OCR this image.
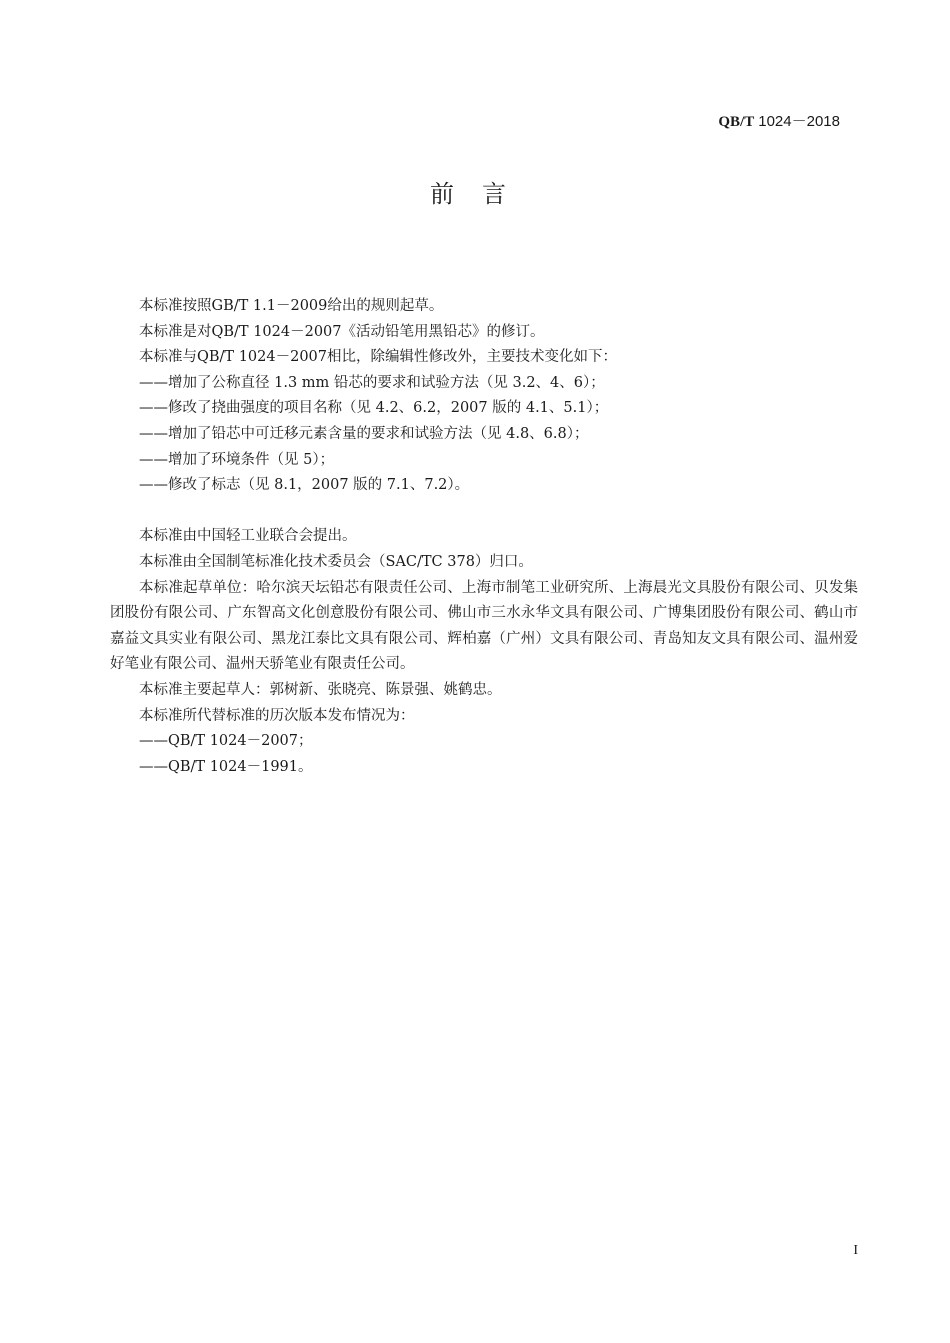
QB/T 1024－2018
前言

本标准按照GB/T 1.1－2009给出的规则起草。

本标准是对QB/T 1024－2007《活动铅笔用黑铅芯》的修订。

本标准与QB/T 1024－2007相比，除编辑性修改外，主要技术变化如下：

——增加了公称直径 1.3 mm 铅芯的要求和试验方法（见 3.2、4、6）；

——修改了挠曲强度的项目名称（见 4.2、6.2，2007 版的 4.1、5.1）；

——增加了铅芯中可迁移元素含量的要求和试验方法（见 4.8、6.8）；

——增加了环境条件（见 5）；

——修改了标志（见 8.1，2007 版的 7.1、7.2）。

本标准由中国轻工业联合会提出。

本标准由全国制笔标准化技术委员会（SAC/TC 378）归口。

本标准起草单位：哈尔滨天坛铅芯有限责任公司、上海市制笔工业研究所、上海晨光文具股份有限公司、贝发集团股份有限公司、广东智高文化创意股份有限公司、佛山市三水永华文具有限公司、广博集团股份有限公司、鹤山市嘉益文具实业有限公司、黑龙江泰比文具有限公司、辉柏嘉（广州）文具有限公司、青岛知友文具有限公司、温州爱好笔业有限公司、温州天骄笔业有限责任公司。

本标准主要起草人：郭树新、张晓亮、陈景强、姚鹤忠。

本标准所代替标准的历次版本发布情况为：

——QB/T 1024－2007；

——QB/T 1024－1991。

I
